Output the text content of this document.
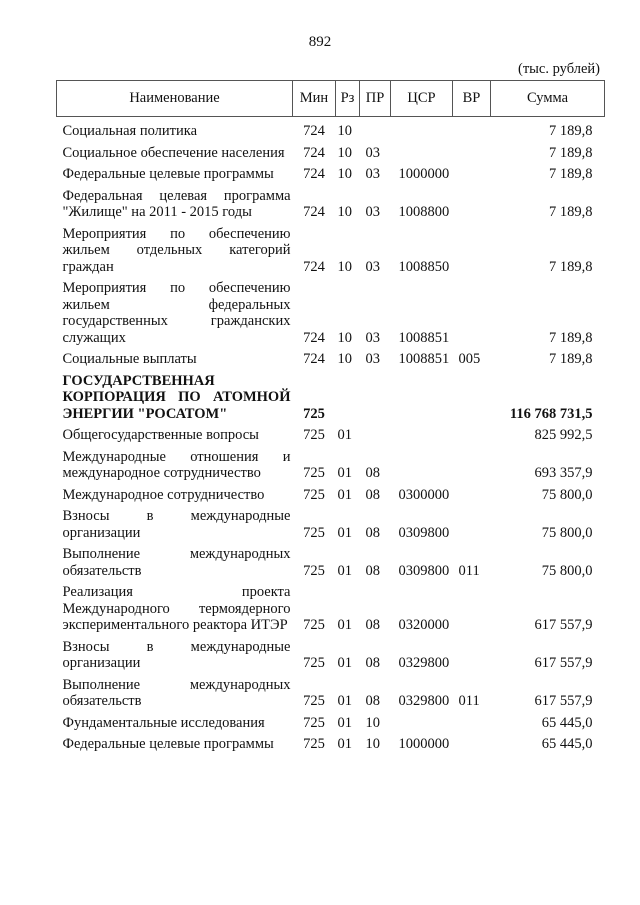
892
(тыс. рублей)
Наименование	Мин	Рз	ПР	ЦСР	ВР	Сумма
Социальная политика	724	10				7 189,8
Социальное обеспечение населения	724	10	03			7 189,8
Федеральные целевые программы	724	10	03	1000000		7 189,8
Федеральная целевая программа "Жилище" на 2011 - 2015 годы	724	10	03	1008800		7 189,8
Мероприятия по обеспечению жильем отдельных категорий граждан	724	10	03	1008850		7 189,8
Мероприятия по обеспечению жильем федеральных государственных гражданских служащих	724	10	03	1008851		7 189,8
Социальные выплаты	724	10	03	1008851	005	7 189,8
ГОСУДАРСТВЕННАЯ КОРПОРАЦИЯ ПО АТОМНОЙ ЭНЕРГИИ "РОСАТОМ"	725					116 768 731,5
Общегосударственные вопросы	725	01				825 992,5
Международные отношения и международное сотрудничество	725	01	08			693 357,9
Международное сотрудничество	725	01	08	0300000		75 800,0
Взносы в международные организации	725	01	08	0309800		75 800,0
Выполнение международных обязательств	725	01	08	0309800	011	75 800,0
Реализация проекта Международного термоядерного экспериментального реактора ИТЭР	725	01	08	0320000		617 557,9
Взносы в международные организации	725	01	08	0329800		617 557,9
Выполнение международных обязательств	725	01	08	0329800	011	617 557,9
Фундаментальные исследования	725	01	10			65 445,0
Федеральные целевые программы	725	01	10	1000000		65 445,0
